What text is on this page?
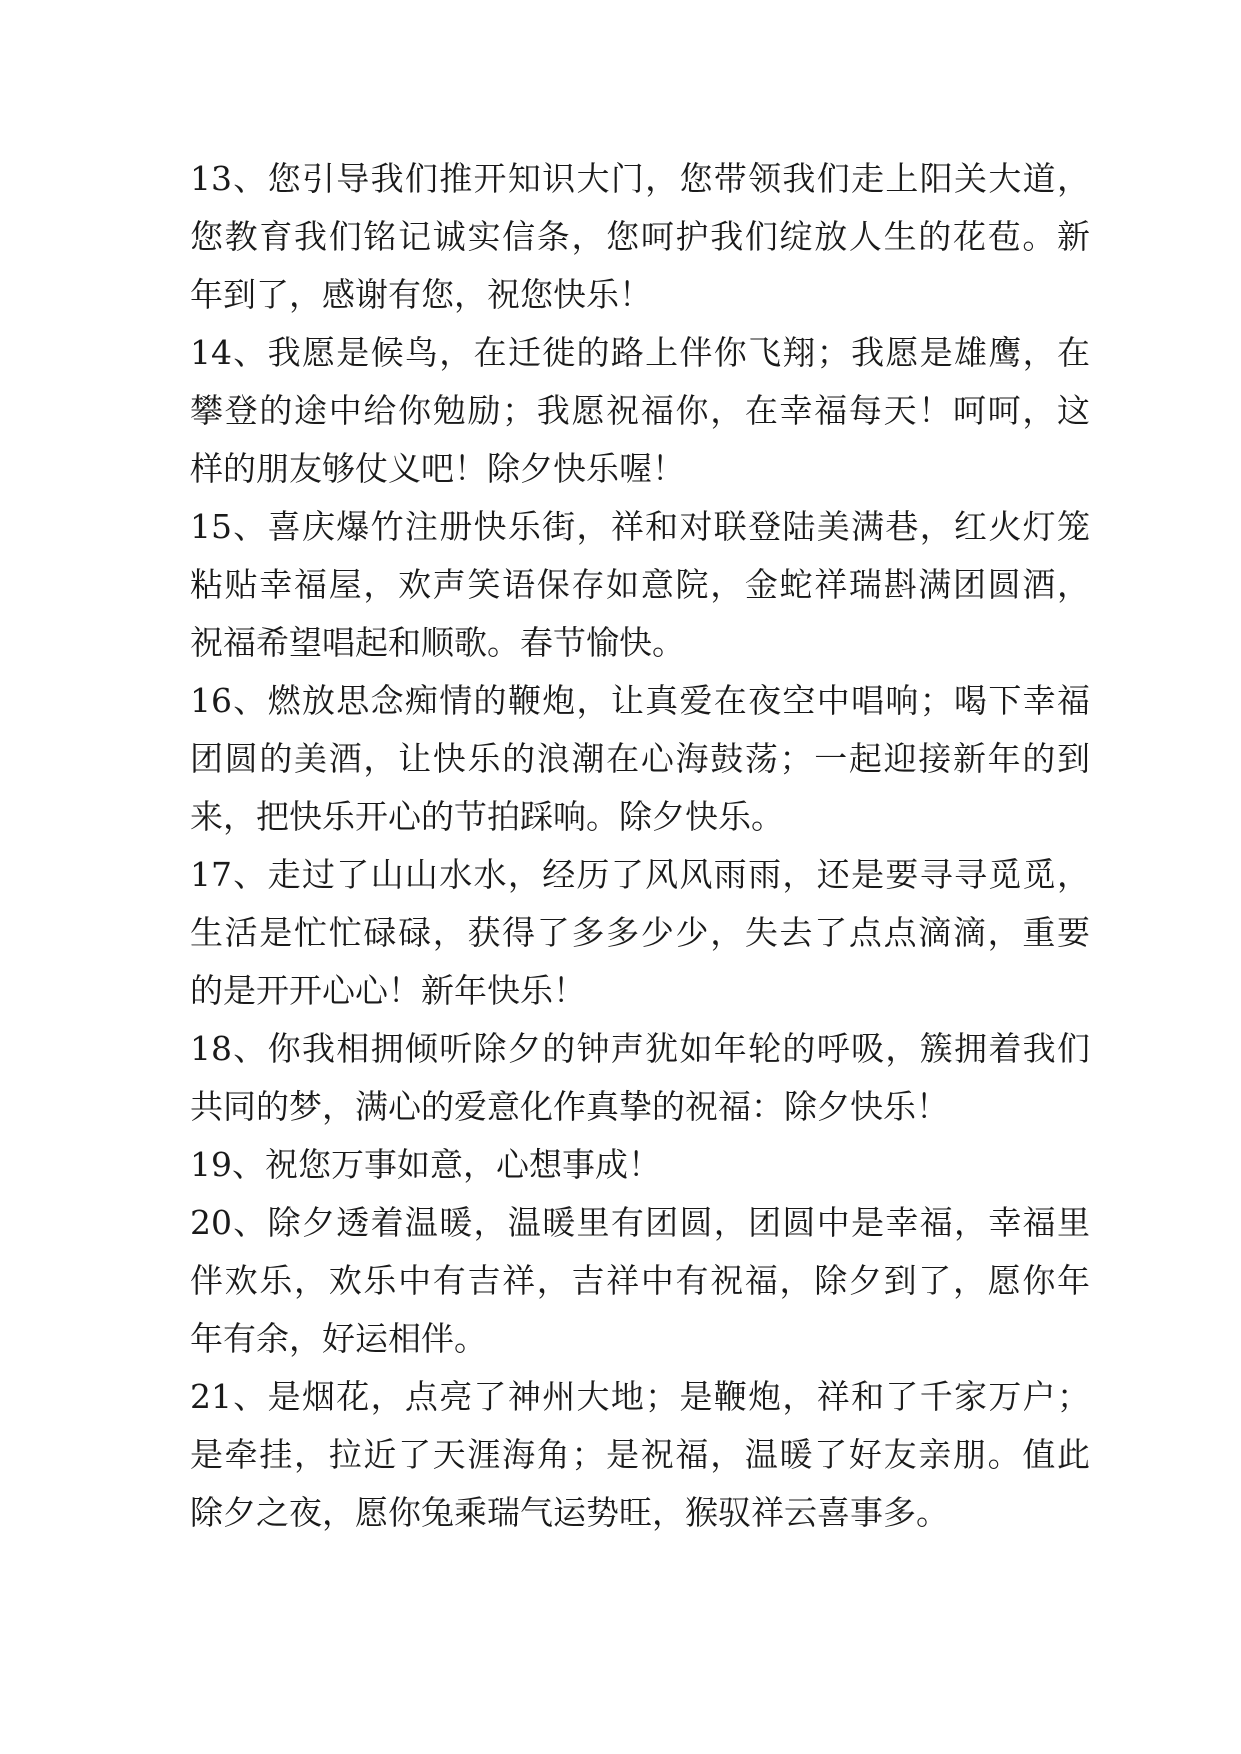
13、您引导我们推开知识大门，您带领我们走上阳关大道，
您教育我们铭记诚实信条，您呵护我们绽放人生的花苞。新
年到了，感谢有您，祝您快乐！
14、我愿是候鸟，在迁徙的路上伴你飞翔；我愿是雄鹰，在
攀登的途中给你勉励；我愿祝福你，在幸福每天！呵呵，这
样的朋友够仗义吧！除夕快乐喔！
15、喜庆爆竹注册快乐街，祥和对联登陆美满巷，红火灯笼
粘贴幸福屋，欢声笑语保存如意院，金蛇祥瑞斟满团圆酒，
祝福希望唱起和顺歌。春节愉快。
16、燃放思念痴情的鞭炮，让真爱在夜空中唱响；喝下幸福
团圆的美酒，让快乐的浪潮在心海鼓荡；一起迎接新年的到
来，把快乐开心的节拍踩响。除夕快乐。
17、走过了山山水水，经历了风风雨雨，还是要寻寻觅觅，
生活是忙忙碌碌，获得了多多少少，失去了点点滴滴，重要
的是开开心心！新年快乐！
18、你我相拥倾听除夕的钟声犹如年轮的呼吸，簇拥着我们
共同的梦，满心的爱意化作真挚的祝福：除夕快乐！
19、祝您万事如意，心想事成！
20、除夕透着温暖，温暖里有团圆，团圆中是幸福，幸福里
伴欢乐，欢乐中有吉祥，吉祥中有祝福，除夕到了，愿你年
年有余，好运相伴。
21、是烟花，点亮了神州大地；是鞭炮，祥和了千家万户；
是牵挂，拉近了天涯海角；是祝福，温暖了好友亲朋。值此
除夕之夜，愿你兔乘瑞气运势旺，猴驭祥云喜事多。
